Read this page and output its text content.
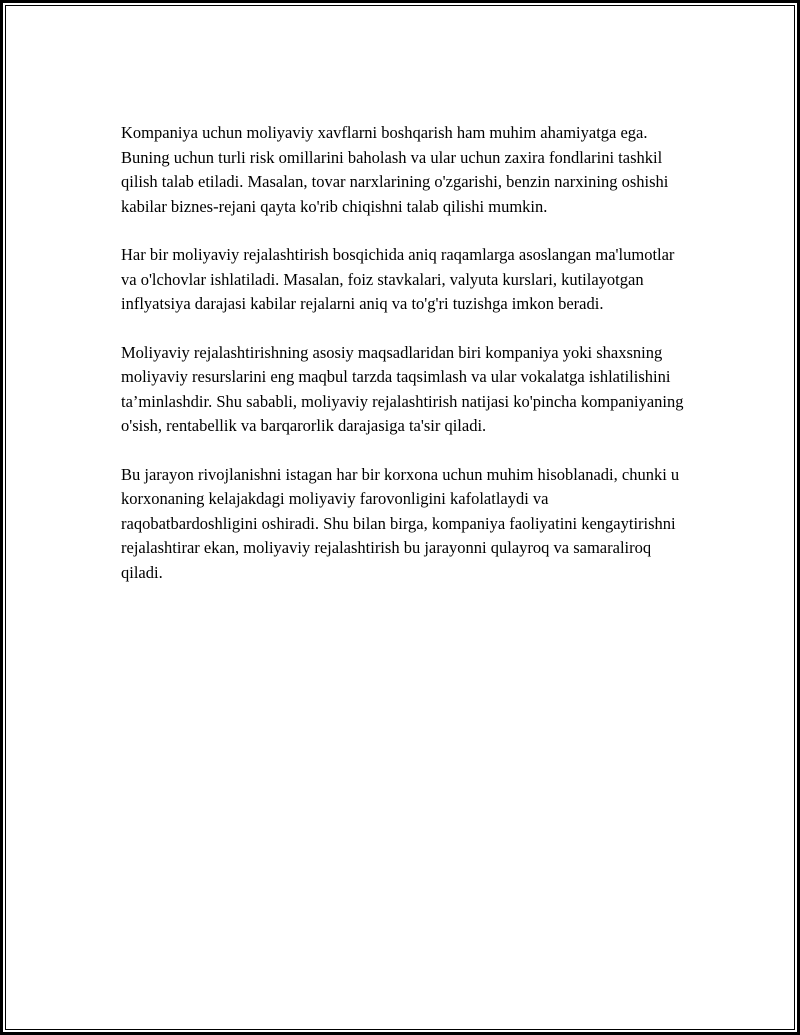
Kompaniya uchun moliyaviy xavflarni boshqarish ham muhim ahamiyatga ega. Buning uchun turli risk omillarini baholash va ular uchun zaxira fondlarini tashkil qilish talab etiladi. Masalan, tovar narxlarining o'zgarishi, benzin narxining oshishi kabilar biznes-rejani qayta ko'rib chiqishni talab qilishi mumkin.

Har bir moliyaviy rejalashtirish bosqichida aniq raqamlarga asoslangan ma'lumotlar va o'lchovlar ishlatiladi. Masalan, foiz stavkalari, valyuta kurslari, kutilayotgan inflyatsiya darajasi kabilar rejalarni aniq va to'g'ri tuzishga imkon beradi.

Moliyaviy rejalashtirishning asosiy maqsadlaridan biri kompaniya yoki shaxsning moliyaviy resurslarini eng maqbul tarzda taqsimlash va ular vokalatga ishlatilishini ta’minlashdir. Shu sababli, moliyaviy rejalashtirish natijasi ko'pincha kompaniyaning o'sish, rentabellik va barqarorlik darajasiga ta'sir qiladi.

Bu jarayon rivojlanishni istagan har bir korxona uchun muhim hisoblanadi, chunki u korxonaning kelajakdagi moliyaviy farovonligini kafolatlaydi va raqobatbardoshligini oshiradi. Shu bilan birga, kompaniya faoliyatini kengaytirishni rejalashtirar ekan, moliyaviy rejalashtirish bu jarayonni qulayroq va samaraliroq qiladi.
